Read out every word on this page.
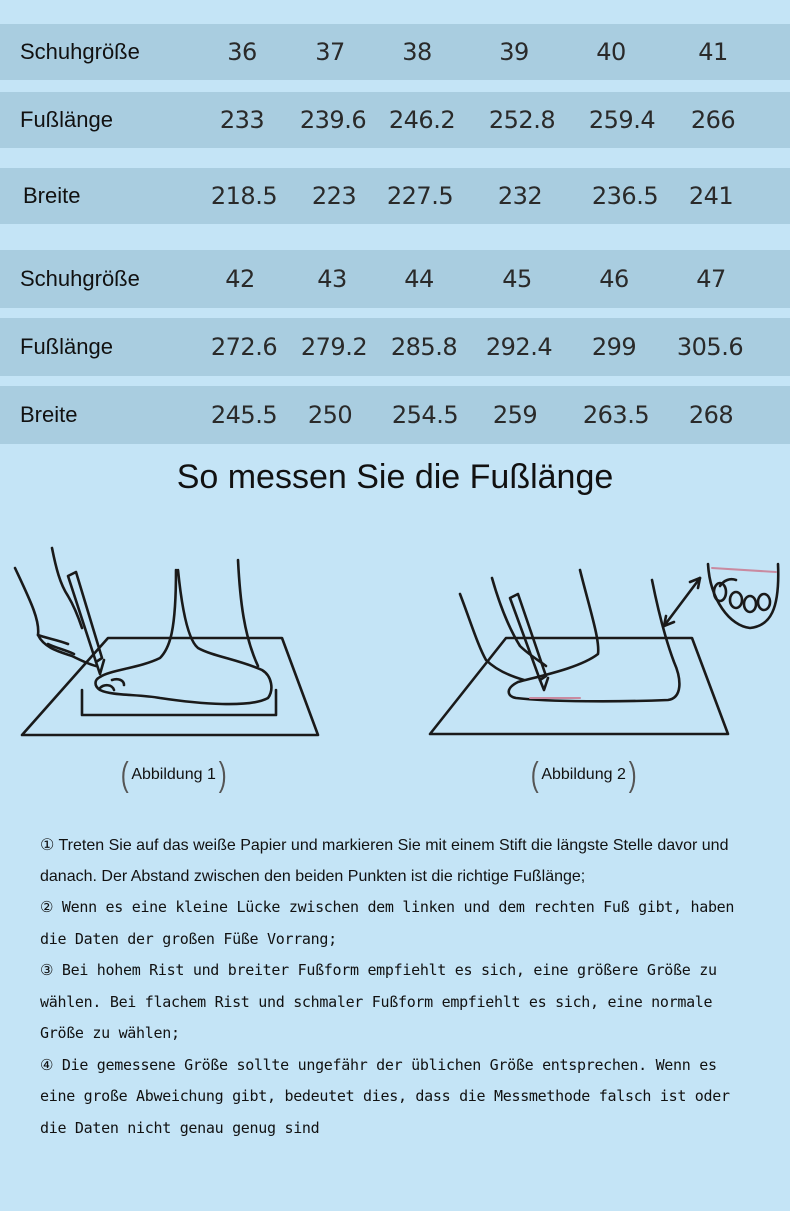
Schuhgröße	36	37	38	39	40	41
Fußlänge	233	239.6 246.2	252.8	259.4	266
Breite	218.5	223	227.5	232	236.5	241
Schuhgröße	42	43	44	45	46	47
Fußlänge	272.6 279.2 285.8	292.4	299	305.6
Breite	245.5	250	254.5	259	263.5	268
So messen Sie die Fußlänge
( Abbildung 1 )	( Abbildung 2 )

① Treten Sie auf das weiße Papier und markieren Sie mit einem Stift die längste Stelle davor und danach. Der Abstand zwischen den beiden Punkten ist die richtige Fußlänge;

② Wenn es eine kleine Lücke zwischen dem linken und dem rechten Fuß gibt, haben die Daten der großen Füße Vorrang;

③ Bei hohem Rist und breiter Fußform empfiehlt es sich, eine größere Größe zu wählen. Bei flachem Rist und schmaler Fußform empfiehlt es sich, eine normale Größe zu wählen;

④ Die gemessene Größe sollte ungefähr der üblichen Größe entsprechen. Wenn es eine große Abweichung gibt, bedeutet dies, dass die Messmethode falsch ist oder die Daten nicht genau genug sind
